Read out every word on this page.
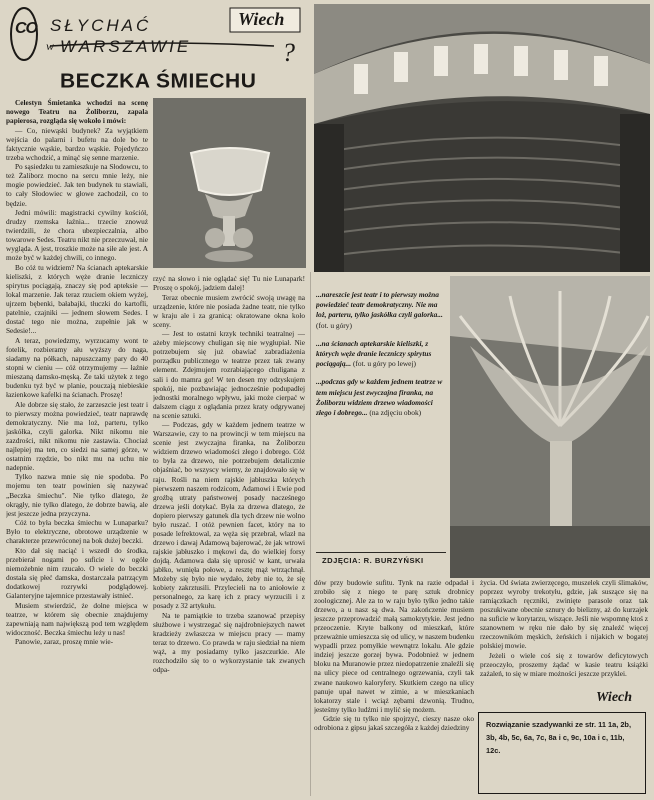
CO SŁYCHAĆ
w WARSZAWIE
Wiech
?
BECZKA ŚMIECHU

Celestyn Śmietanka wchodzi na scenę nowego Teatru na Żoliborzu, zapala papierosa, rozgląda się wokoło i mówi:

— Co, niewąski budynek? Za wyjątkiem wejścia do palarni i bufetu na dole bo te faktycznie wąskie, bardzo wąskie. Pojedyńczo trzeba wchodzić, a minąć się senne marzenie.

Po sąsiedzku tu zamieszkuje na Słodowcu, to też Żaliborz mocno na sercu mnie leży, nie mogie powiedzieć. Jak ten budynek tu stawiali, to cały Słodowiec w głowe zachodził, co to będzie.

Jedni mówili: magistracki cywilny kościół, drudzy rzemska łaźnia... trzecie znowuż twierdzili, że chora ubezpieczalnia, albo towarowe Sedes. Teatru nikt nie przeczuwał, nie wygląda. A jest, troszkie może na siłe ale jest. A może być w każdej chwili, co innego.

Bo cóż tu widziem? Na ścianach aptekarskie kieliszki, z których węże dranie leczniczy spirytus pociągają, znaczy się pod apteksie — lokal marzenie. Jak teraz rzuciem okiem wyżej, ujrzem bębenki, bałabajki, tłuczki do kartofli, patelnie, czajniki — jednem słowem Sedes. I dostać tego nie można, zupełnie jak w Sedesie!...

A teraz, powiedzmy, wyrzucamy wont te fotelik, rozbieramy ału wyższy do naga, siadamy na półkach, napuszczamy pary do 40 stopni w cieniu — cóż otrzymujemy — łaźnie mieszaną damsko-męską. Że taki użytek z tego budenku tyż być w planie, pouczają niebieskie łazienkowe kafelki na ścianach. Proszę!

Ale dobrze się stało, że zarzeszcie jest teatr i to pierwszy można powiedzieć, teatr naprawdę demokratyczny. Nie ma loż, parteru, tylko jaskółka, czyli galorka. Nikt nikomu nie zazdrości, nikt nikomu nie zastawia. Chociaż najlepiej ma ten, co siedzi na samej górze, w ostatnim rzędzie, bo nikt mu na uchu nie nadepnie.

Tylko nazwa mnie się nie spodoba. Po mojemu ten teatr powinien się nazywać „Beczka śmiechu". Nie tylko dlatego, że okrągły, nie tylko dlatego, że dobrze bawią, ale jest jeszcze jedna przyczyna.

Cóż to była beczka śmiechu w Lunaparku? Było to elektryczne, obrotowe urządzenie w charakterze przewróconej na bok dużej beczki.

Kto dał się naciąć i wszedł do środka, przebierał nogami po suficie i w ogóle niemożebnie nim rzucało. O wiele do beczki dostała się płeć damska, dostarczała patrzącym dodatkowej rozrywki podglądowej. Galanteryjne tajemnice przestawały istnieć.

Musiem stwierdzić, że dolne miejsca w teatrze, w którem się obecnie znajdujemy zapewniają nam największą pod tem względem widoczność. Beczka śmiechu leży u nas!

Panowie, zaraz, proszę mnie wie-

rzyć na słowo i nie oglądać się! Tu nie Lunapark! Proszę o spokój, jadziem dalej!

Teraz obecnie musiem zwrócić swoją uwagę na urządzenie, które nie posiada żadne teatr, nie tylko w kraju ale i za granicą: okratowane okna koło sceny.

— Jest to ostatni krzyk techniki teatralnej — ażeby miejscowy chuligan się nie wygłupiał. Nie potrzebujem się już obawiać zabradiażenia porządku publicznego w teatrze przez tak zwany element. Zdejmujem rozrabiającego chuligana z sali i do mamra go! W ten desen my odzyskujem spokój, nie pozbawiając jednocześnie podupadłej jednostki moralnego wpływu, jaki może cierpać w dalszem ciągu z oglądania przez kraty odgrywanej na scenie sztuki.

— Podczas, gdy w każdem jednem teatrze w Warszawie, czy to na prowincji w tem miejscu na scenie jest zwyczajna firanka, na Żoliborzu widziem drzewo wiadomości złego i dobrego. Cóż to była za drzewo, nie potrzebujem detalicznie objaśniać, bo wszyscy wiemy, że znajdowało się w raju. Rośli na niem rajskie jabłuszka których pierwszem naszem rodzicom, Adamowi i Ewie pod groźbą utraty państwowej posady nacześnego drzewa jeśli dotykać. Była za drzewa dlatego, że dopiero pierwszy gatunek dla tych drzew nie wolno było ruszać. I otóż pewnien facet, który na to posade lefrektowal, za węża się przebrał, wlazł na drzewo i dawaj Adamową bajerować, że jak wtrowi rajskie jabłuszko i mękowi da, do wielkiej forsy dojdą. Adamowa dała się uprosić w kant, urwała jabłko, wunięła połowe, a resztę mąż wtrząchnął. Możeby się było nie wydało, żeby nie to, że się kobiety zakrztusili. Przylecieli na to aniołowie z personalnego, za karę ich z pracy wyrzucili i z posady z 32 artykułu.

Na te pamiątkie to trzeba szanować przepisy służbowe i wystrzegać się najdrobniejszych nawet kradzieży zwłaszcza w miejscu pracy — mamy teraz to drzewo. Co prawda w raju siedział na niem wąż, a my posiadamy tylko jaszczurkie. Ale rozchodziło się to o wykorzystanie tak zwanych odpa-

dów przy budowie sufitu. Tynk na razie odpadał i zrobiło się z niego te parę sztuk drobnicy zoologicznej. Ale za to w raju było tylko jedno takie drzewo, a u nasz są dwa. Na zakończenie musiem jeszcze przeprowadzić małą samokrytykie. Jest jedno przeoczenie. Kryte balkony od mieszkań, które przeważnie umieszcza się od ulicy, w naszem budenku wypadli przez pomyłkie wewnątrz lokalu. Ale gdzie indziej jeszcze gorzej bywa. Podobnież w jednem bloku na Muranowie przez niedopatrzenie znaleźli się na ulicy piece od centralnego ogrzewania, czyli tak zwane naukowo kaloryfery. Skutkiem czego na ulicy panuje upał nawet w zimie, a w mieszkaniach lokatorzy stale i wciąż zębami dzwonią. Trudno, jesteśmy tylko ludźmi i mylić się możem.

Gdzie się tu tylko nie spojrzyć, cieszy nasze oko odrobiona z gipsu jakaś szczegóła z każdej dziedziny

życia. Od świata zwierzęcego, muszelek czyli ślimaków, poprzez wyroby trekotyłu, gdzie, jak suszące się na ramiączkach ręczniki, zwinięte parasole oraz tak poszukiwane obecnie sznury do bielizny, aż do kurzajek na suficie w korytarzu, wiszące. Jeśli nie wspomnę ktoś z szanownem w ręku nie dało by się znaleźć więcej rzeczownikóm męskich, żeńskich i nijakich w bogatej polskiej mowie.

Jeżeli o wiele coś się z towarów deficytowych przeoczyło, proszemy żądać w kasie teatru książki zażaleń, to się w miare możności jeszcze przyklei.

...nareszcie jest teatr i to pierwszy można powiedzieć teatr demokratyczny. Nie ma loż, parteru, tylko jaskółka czyli galorka... (fot. u góry)

...na ścianach aptekarskie kieliszki, z których węże dranie leczniczy spirytus pociągają... (fot. u góry po lewej)

...podczas gdy w każdem jednem teatrze w tem miejscu jest zwyczajna firanka, na Żoliborzu widziem drzewo wiadomości złego i dobrego... (na zdjęciu obok)

ZDJĘCIA: R. BURZYŃSKI
Wiech
Rozwiązanie szadywanki ze str. 11 1a, 2b, 3b, 4b, 5c, 6a, 7c, 8a i c, 9c, 10a i c, 11b, 12c.
